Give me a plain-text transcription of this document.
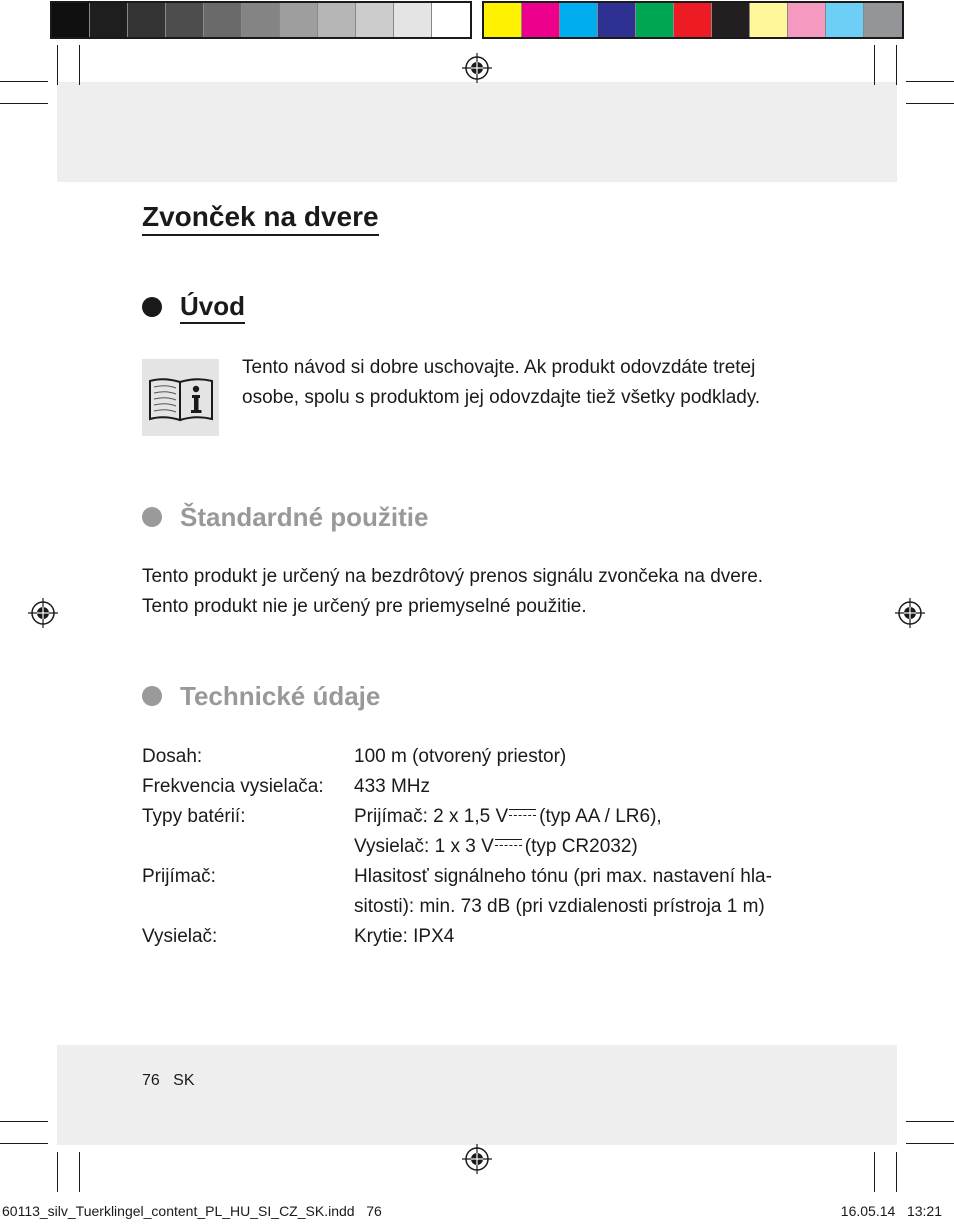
Zvonček na dvere
Úvod
Tento návod si dobre uschovajte. Ak produkt odovzdáte tretej
osobe, spolu s produktom jej odovzdajte tiež všetky podklady.
Štandardné použitie
Tento produkt je určený na bezdrôtový prenos signálu zvončeka na dvere.
Tento produkt nie je určený pre priemyselné použitie.
Technické údaje
Dosah:	100 m (otvorený priestor)
Frekvencia vysielača: 433 MHz
Typy batérií:	Prijímač: 2 x 1,5 V (typ AA / LR6),
Vysielač: 1 x 3 V (typ CR2032)
Prijímač:	Hlasitosť signálneho tónu (pri max. nastavení hla-
sitosti): min. 73 dB (pri vzdialenosti prístroja 1 m)
Vysielač:	Krytie: IPX4
76 SK
60113_silv_Tuerklingel_content_PL_HU_SI_CZ_SK.indd   76	16.05.14   13:21
